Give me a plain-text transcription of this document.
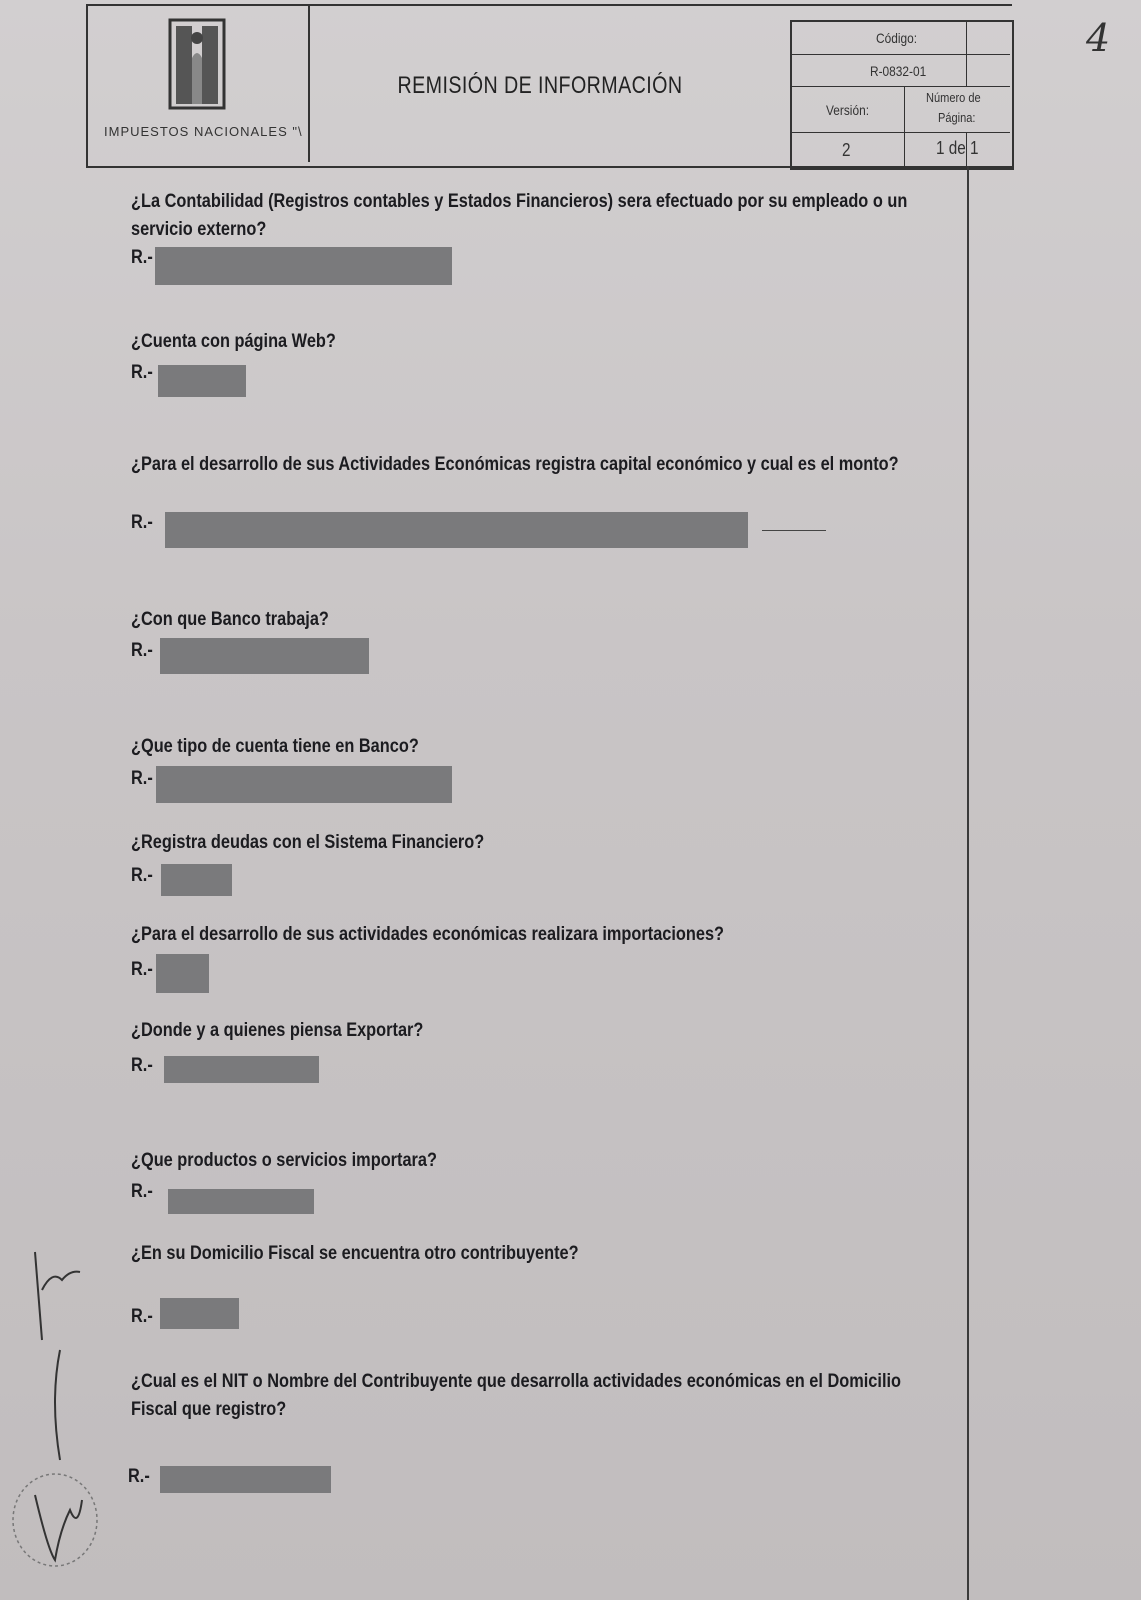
IMPUESTOS NACIONALES "\
REMISIÓN DE INFORMACIÓN
Código:
R-0832-01
Versión:
Número de
Página:
2	1 de 1
4
¿La Contabilidad (Registros contables y Estados Financieros) sera efectuado por su empleado o un servicio externo?
R.-
¿Cuenta con página Web?
R.-
¿Para el desarrollo de sus Actividades Económicas registra capital económico y cual es el monto?
R.-
¿Con que Banco trabaja?
R.-
¿Que tipo de cuenta tiene en Banco?
R.-
¿Registra deudas con el Sistema Financiero?
R.-
¿Para el desarrollo de sus actividades económicas realizara importaciones?
R.-
¿Donde y a quienes piensa Exportar?
R.-
¿Que productos o servicios importara?
R.-
¿En su Domicilio Fiscal se encuentra otro contribuyente?
R.-
¿Cual es el NIT o Nombre del Contribuyente que desarrolla actividades económicas en el Domicilio Fiscal que registro?
R.-
